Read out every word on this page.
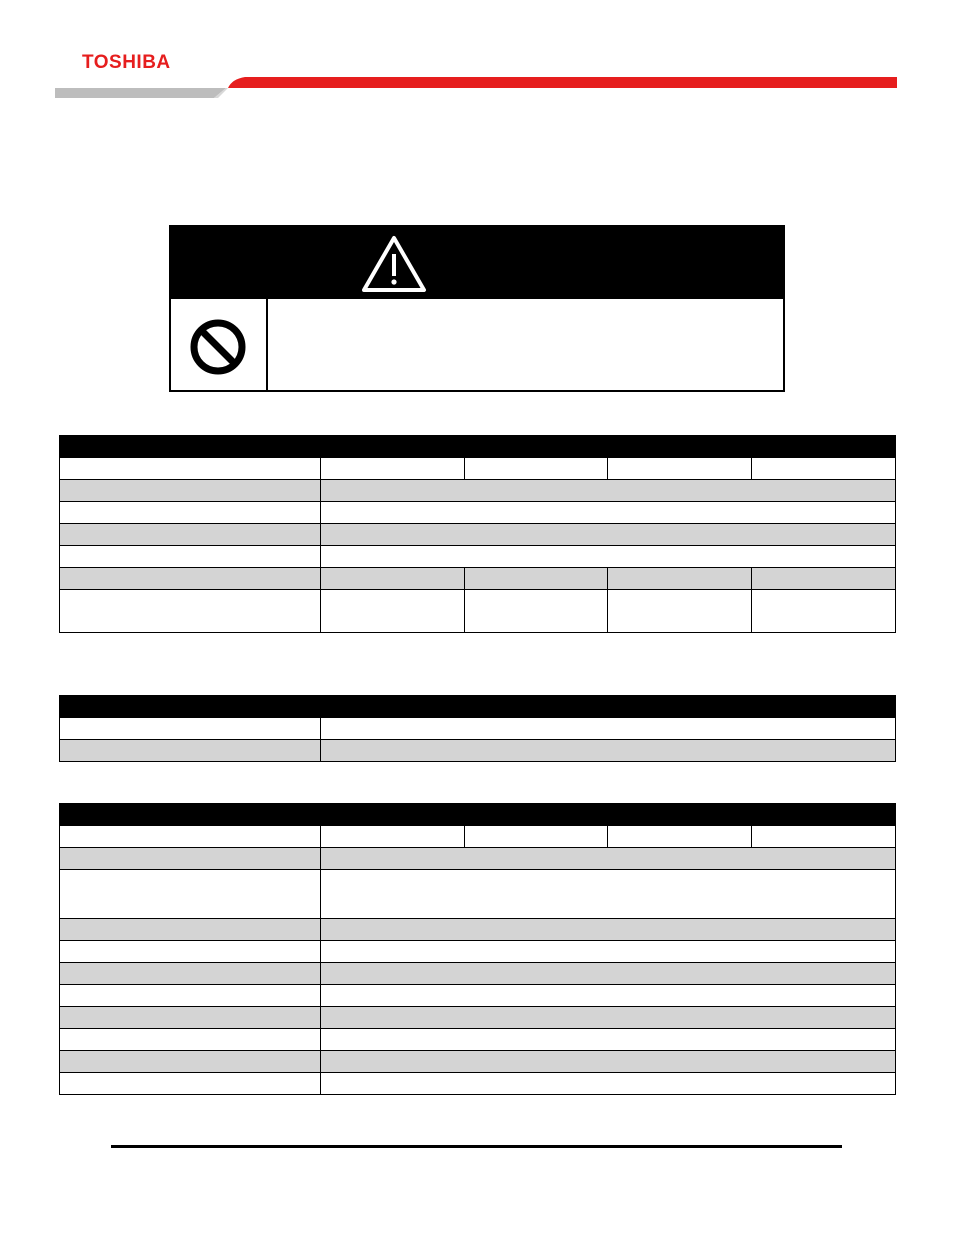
TOSHIBA
